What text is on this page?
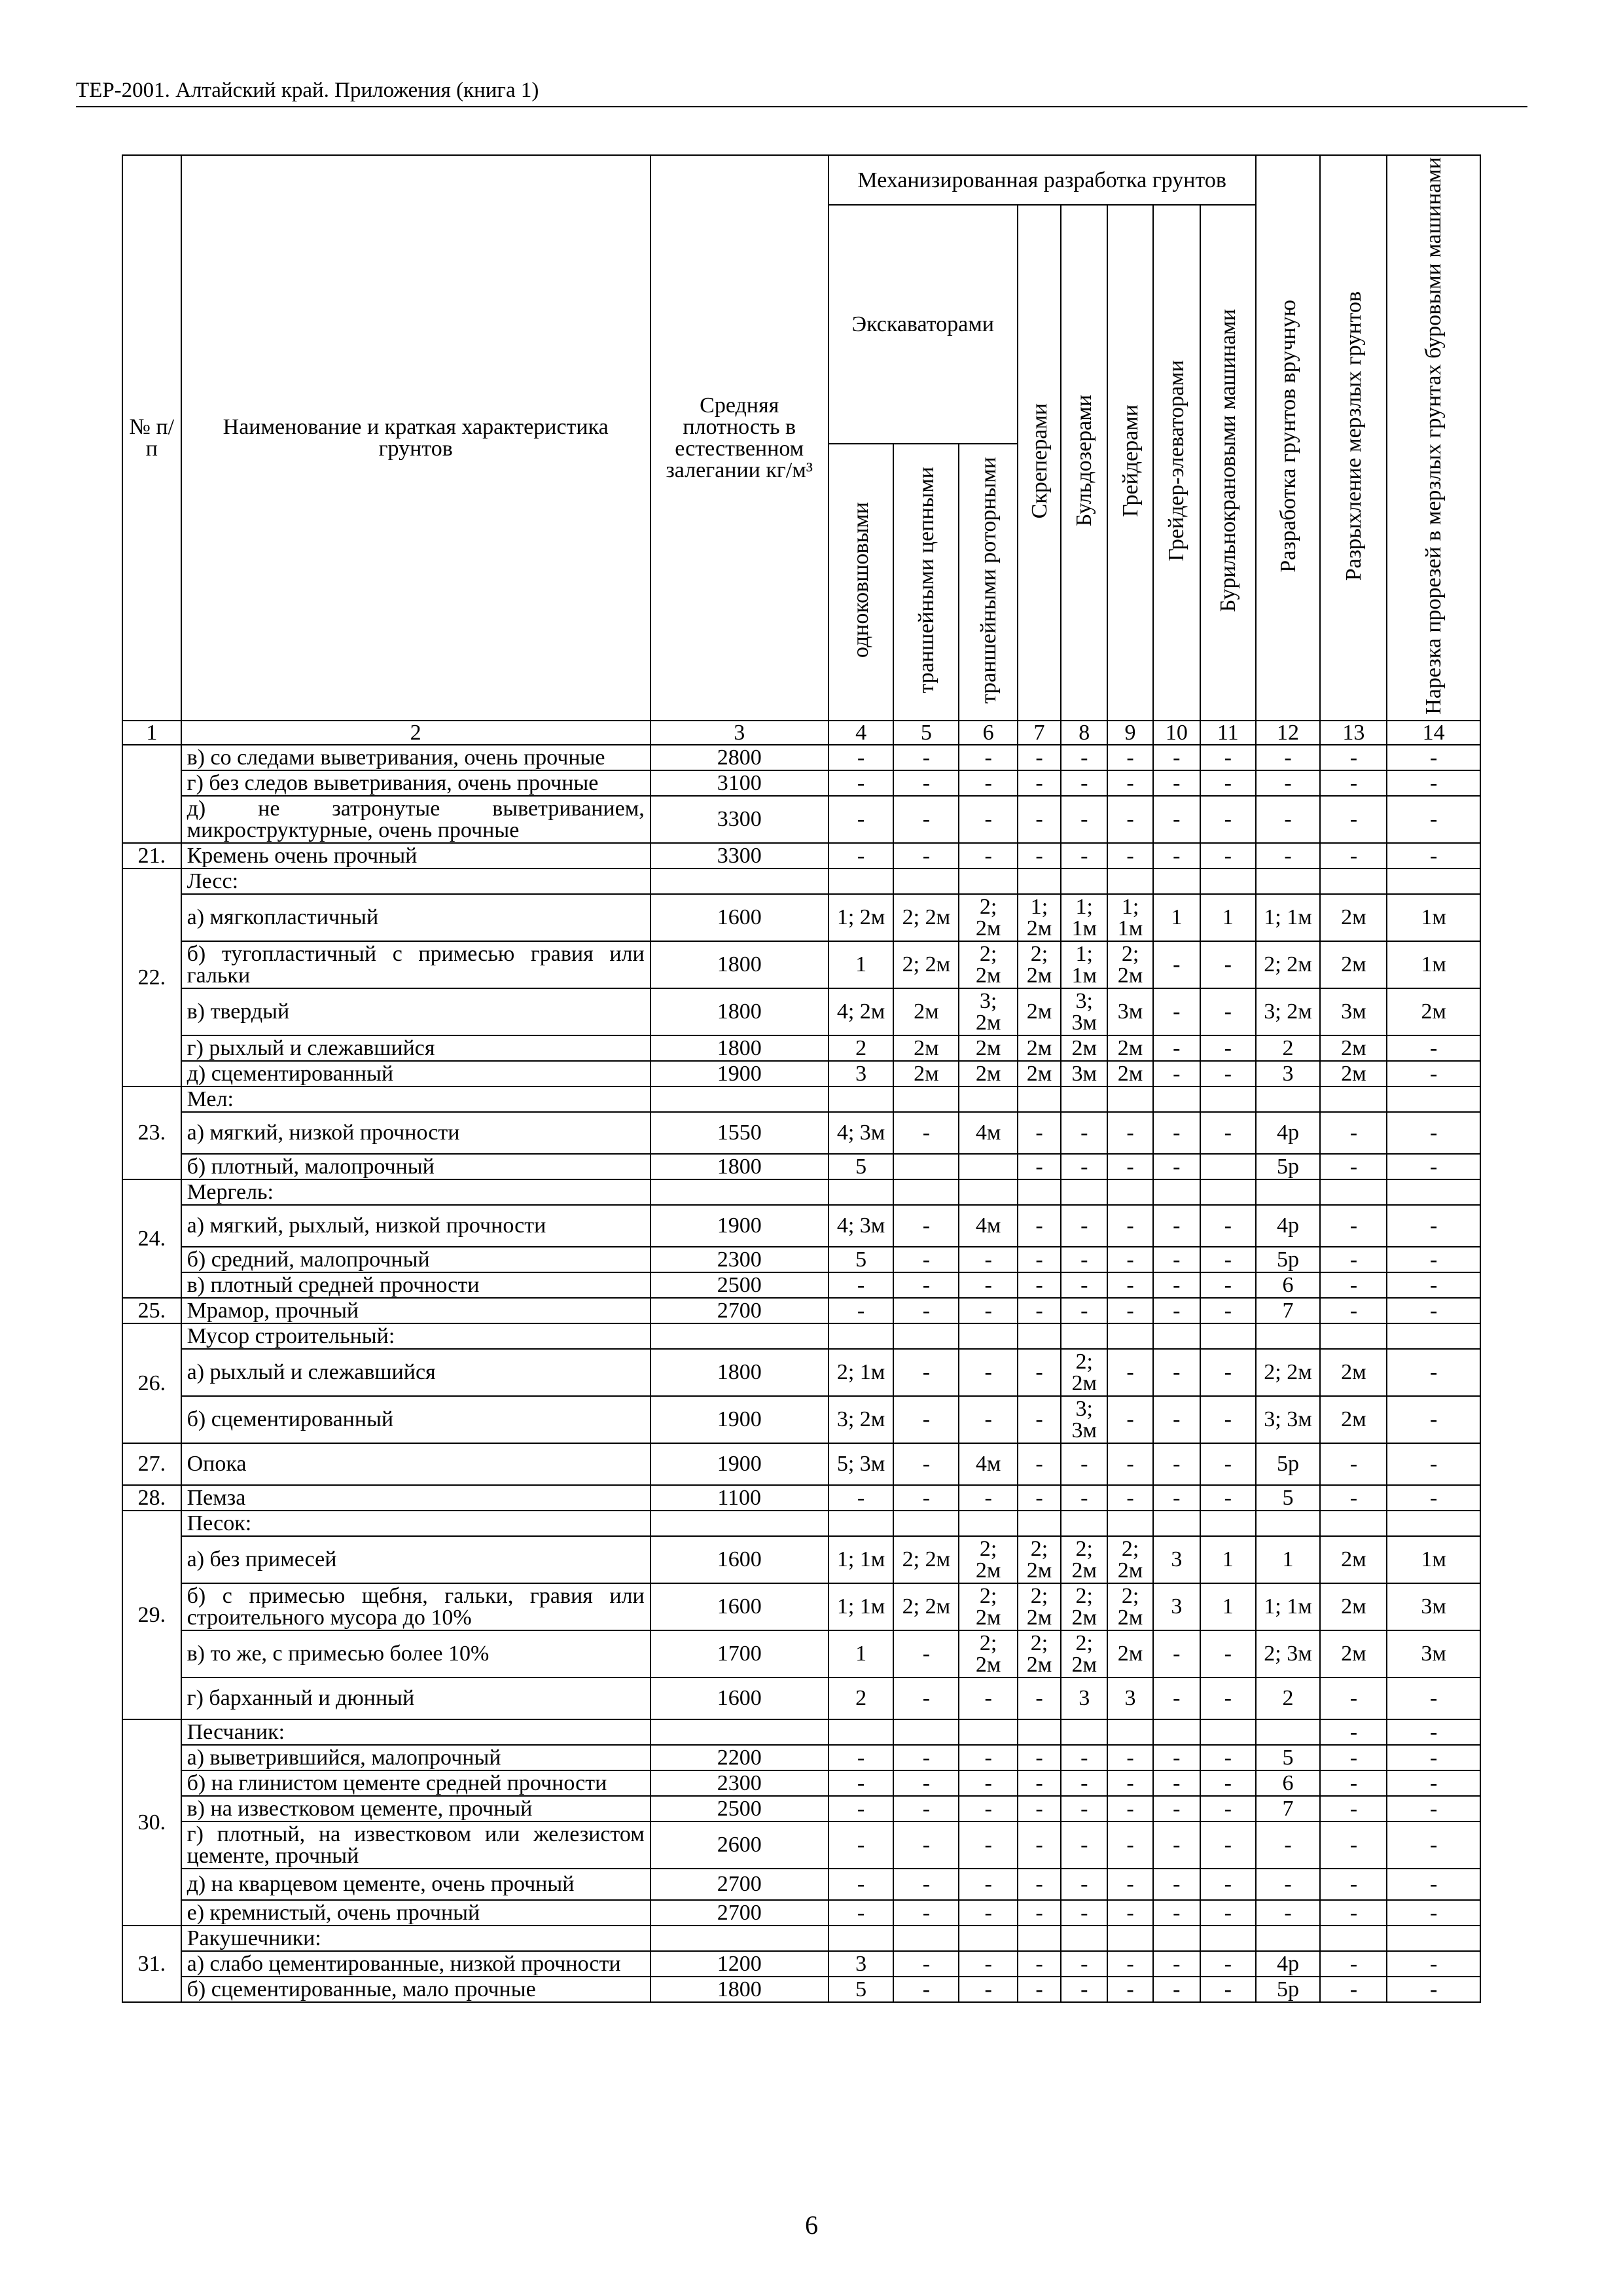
ТЕР-2001. Алтайский край. Приложения (книга 1)
№ п/п	Наименование и краткая характеристика грунтов	Средняя плотность в естественном залегании кг/м³	Механизированная разработка грунтов								Разработка грунтов вручную	Разрыхление мерзлых грунтов	Нарезка прорезей в мерзлых грунтах буровыми машинами
			Экскаваторами			Скреперами	Бульдозерами	Грейдерами	Грейдер-элеваторами	Бурильнокрановыми машинами			
			одноковшовыми	траншейными цепными	траншейными роторными								
1	2	3	4	5	6	7	8	9	10	11	12	13	14
	в) со следами выветривания, очень прочные	2800	-	-	-	-	-	-	-	-	-	-	-
	г) без следов выветривания, очень прочные	3100	-	-	-	-	-	-	-	-	-	-	-
	д) не затронутые выветриванием, микроструктурные, очень прочные	3300	-	-	-	-	-	-	-	-	-	-	-
21.	Кремень очень прочный	3300	-	-	-	-	-	-	-	-	-	-	-
22.	Лесс:												
	а) мягкопластичный	1600	1; 2м	2; 2м	2; 2м	1; 2м	1; 1м	1; 1м	1	1	1; 1м	2м	1м
	б) тугопластичный с примесью гравия или гальки	1800	1	2; 2м	2; 2м	2; 2м	1; 1м	2; 2м	-	-	2; 2м	2м	1м
	в) твердый	1800	4; 2м	2м	3; 2м	2м	3; 3м	3м	-	-	3; 2м	3м	2м
	г) рыхлый и слежавшийся	1800	2	2м	2м	2м	2м	2м	-	-	2	2м	-
	д) сцементированный	1900	3	2м	2м	2м	3м	2м	-	-	3	2м	-
23.	Мел:												
	а) мягкий, низкой прочности	1550	4; 3м	-	4м	-	-	-	-	-	4р	-	-
	б) плотный, малопрочный	1800	5			-	-	-	-		5р	-	-
24.	Мергель:												
	а) мягкий, рыхлый, низкой прочности	1900	4; 3м	-	4м	-	-	-	-	-	4р	-	-
	б) средний, малопрочный	2300	5	-	-	-	-	-	-	-	5р	-	-
	в) плотный средней прочности	2500	-	-	-	-	-	-	-	-	6	-	-
25.	Мрамор, прочный	2700	-	-	-	-	-	-	-	-	7	-	-
26.	Мусор строительный:												
	а) рыхлый и слежавшийся	1800	2; 1м	-	-	-	2; 2м	-	-	-	2; 2м	2м	-
	б) сцементированный	1900	3; 2м	-	-	-	3; 3м	-	-	-	3; 3м	2м	-
27.	Опока	1900	5; 3м	-	4м	-	-	-	-	-	5р	-	-
28.	Пемза	1100	-	-	-	-	-	-	-	-	5	-	-
29.	Песок:												
	а) без примесей	1600	1; 1м	2; 2м	2; 2м	2; 2м	2; 2м	2; 2м	3	1	1	2м	1м
	б) с примесью щебня, гальки, гравия или строительного мусора до 10%	1600	1; 1м	2; 2м	2; 2м	2; 2м	2; 2м	2; 2м	3	1	1; 1м	2м	3м
	в) то же, с примесью более 10%	1700	1	-	2; 2м	2; 2м	2; 2м	2м	-	-	2; 3м	2м	3м
	г) барханный и дюнный	1600	2	-	-	-	3	3	-	-	2	-	-
30.	Песчаник:											-	-
	а) выветрившийся, малопрочный	2200	-	-	-	-	-	-	-	-	5	-	-
	б) на глинистом цементе средней прочности	2300	-	-	-	-	-	-	-	-	6	-	-
	в) на известковом цементе, прочный	2500	-	-	-	-	-	-	-	-	7	-	-
	г) плотный, на известковом или железистом цементе, прочный	2600	-	-	-	-	-	-	-	-	-	-	-
	д) на кварцевом цементе, очень прочный	2700	-	-	-	-	-	-	-	-	-	-	-
	е) кремнистый, очень прочный	2700	-	-	-	-	-	-	-	-	-	-	-
31.	Ракушечники:												
	а) слабо цементированные, низкой прочности	1200	3	-	-	-	-	-	-	-	4р	-	-
	б) сцементированные, мало прочные	1800	5	-	-	-	-	-	-	-	5р	-	-
6
